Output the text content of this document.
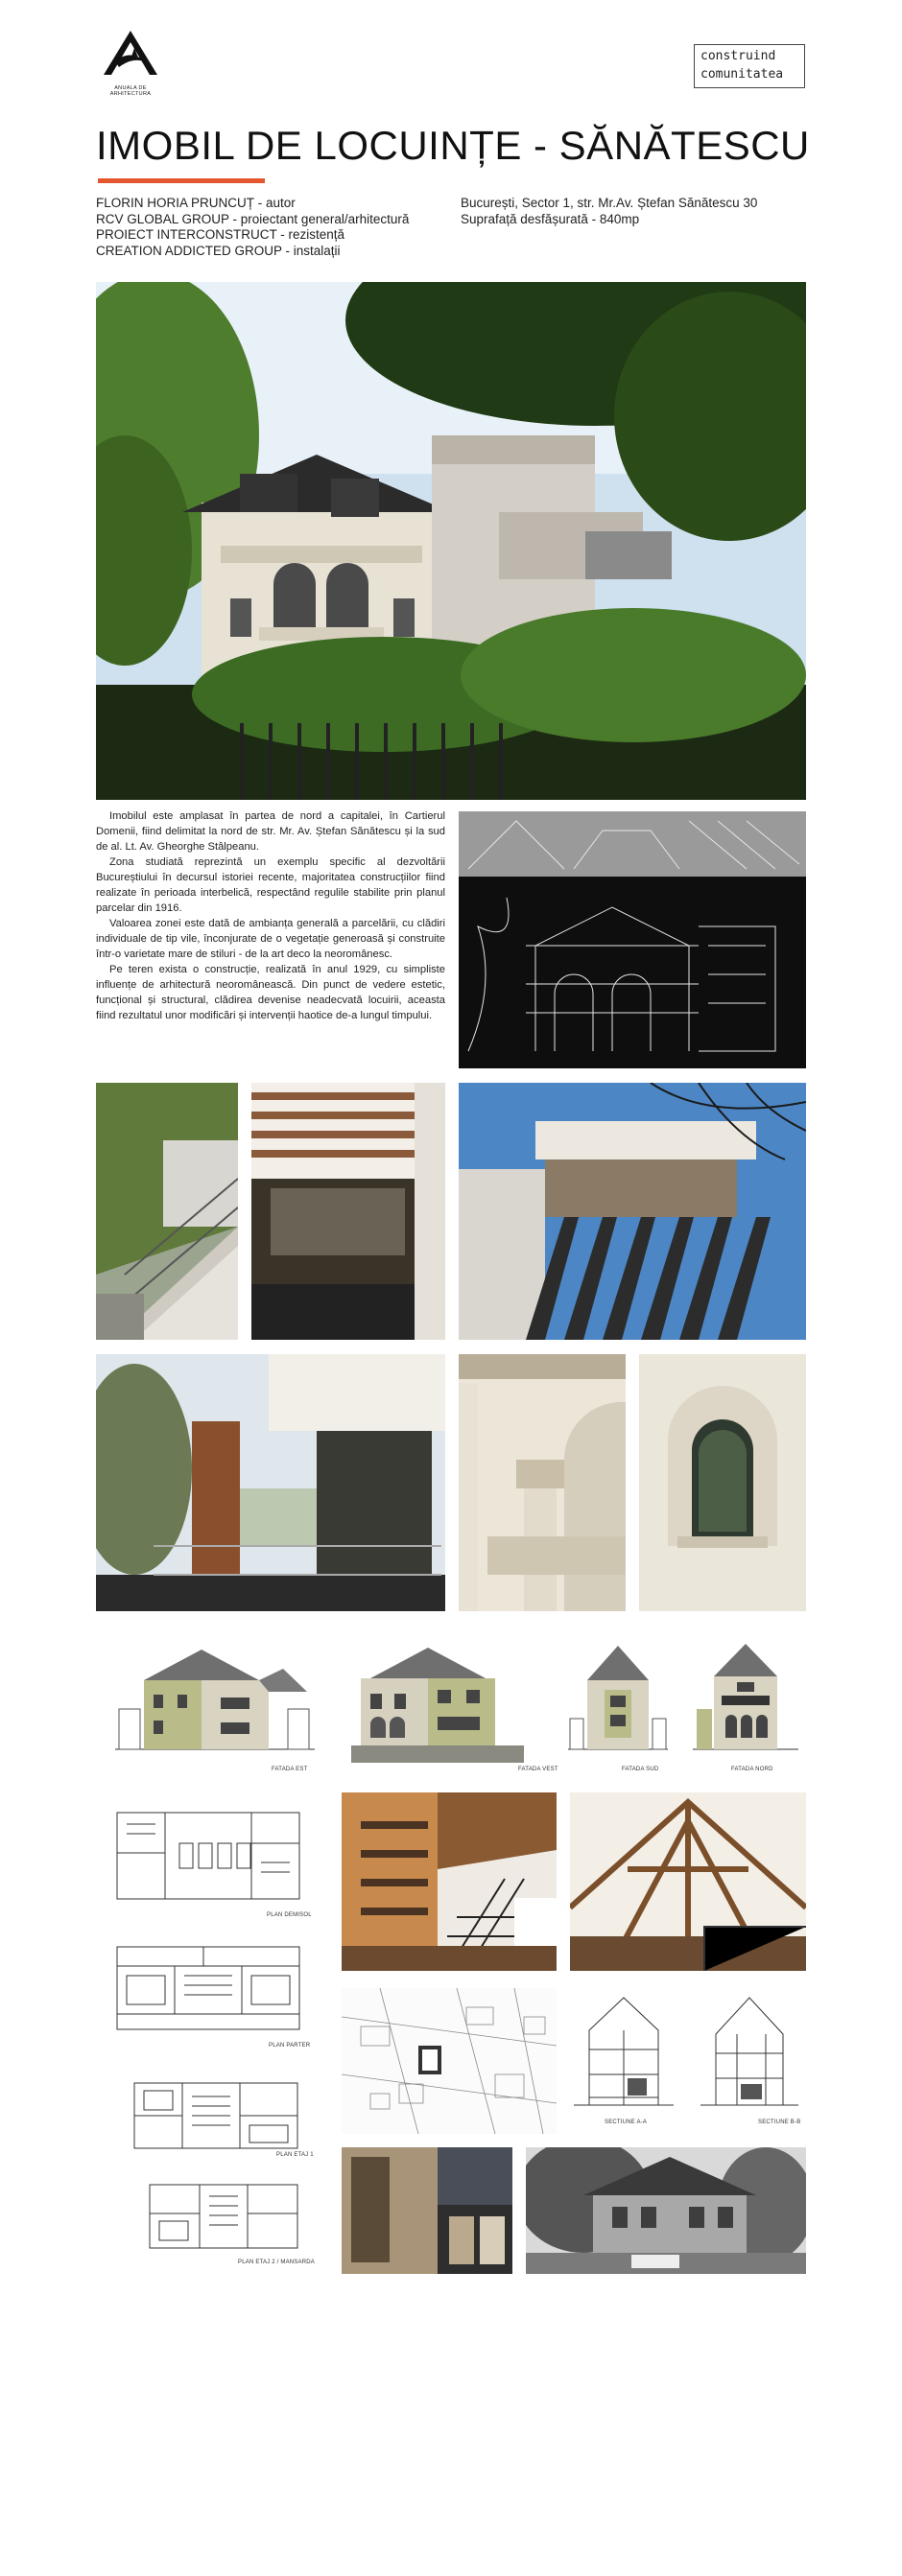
ANUALA DE ARHITECTURA
construind
comunitatea
IMOBIL DE LOCUINȚE - SĂNĂTESCU
FLORIN HORIA PRUNCUȚ - autor
RCV GLOBAL GROUP - proiectant general/arhitectură
PROIECT INTERCONSTRUCT - rezistență
CREATION ADDICTED GROUP - instalații
București, Sector 1, str. Mr.Av. Ștefan Sănătescu 30
Suprafață desfășurată - 840mp

Imobilul este amplasat în partea de nord a capitalei, în Cartierul Domenii, fiind delimitat la nord de str. Mr. Av. Ștefan Sănătescu și la sud de al. Lt. Av. Gheorghe Stâlpeanu.

Zona studiată reprezintă un exemplu specific al dezvoltării Bucureștiului în decursul istoriei recente, majoritatea construcțiilor fiind realizate în perioada interbelică, respectând regulile stabilite prin planul parcelar din 1916.

Valoarea zonei este dată de ambianța generală a parcelării, cu clădiri individuale de tip vile, înconjurate de o vegetație generoasă și construite într-o varietate mare de stiluri - de la art deco la neoromânesc.

Pe teren exista o construcție, realizată în anul 1929, cu simpliste influențe de arhitectură neoromânească. Din punct de vedere estetic, funcțional și structural, clădirea devenise neadecvată locuirii, aceasta fiind rezultatul unor modificări și intervenții haotice de-a lungul timpului.

FATADA EST	FATADA VEST	FATADA SUD	FATADA NORD
PLAN DEMISOL
PLAN PARTER
PLAN ETAJ 1
PLAN ETAJ 2 / MANSARDA
SECTIUNE A-A	SECTIUNE B-B
